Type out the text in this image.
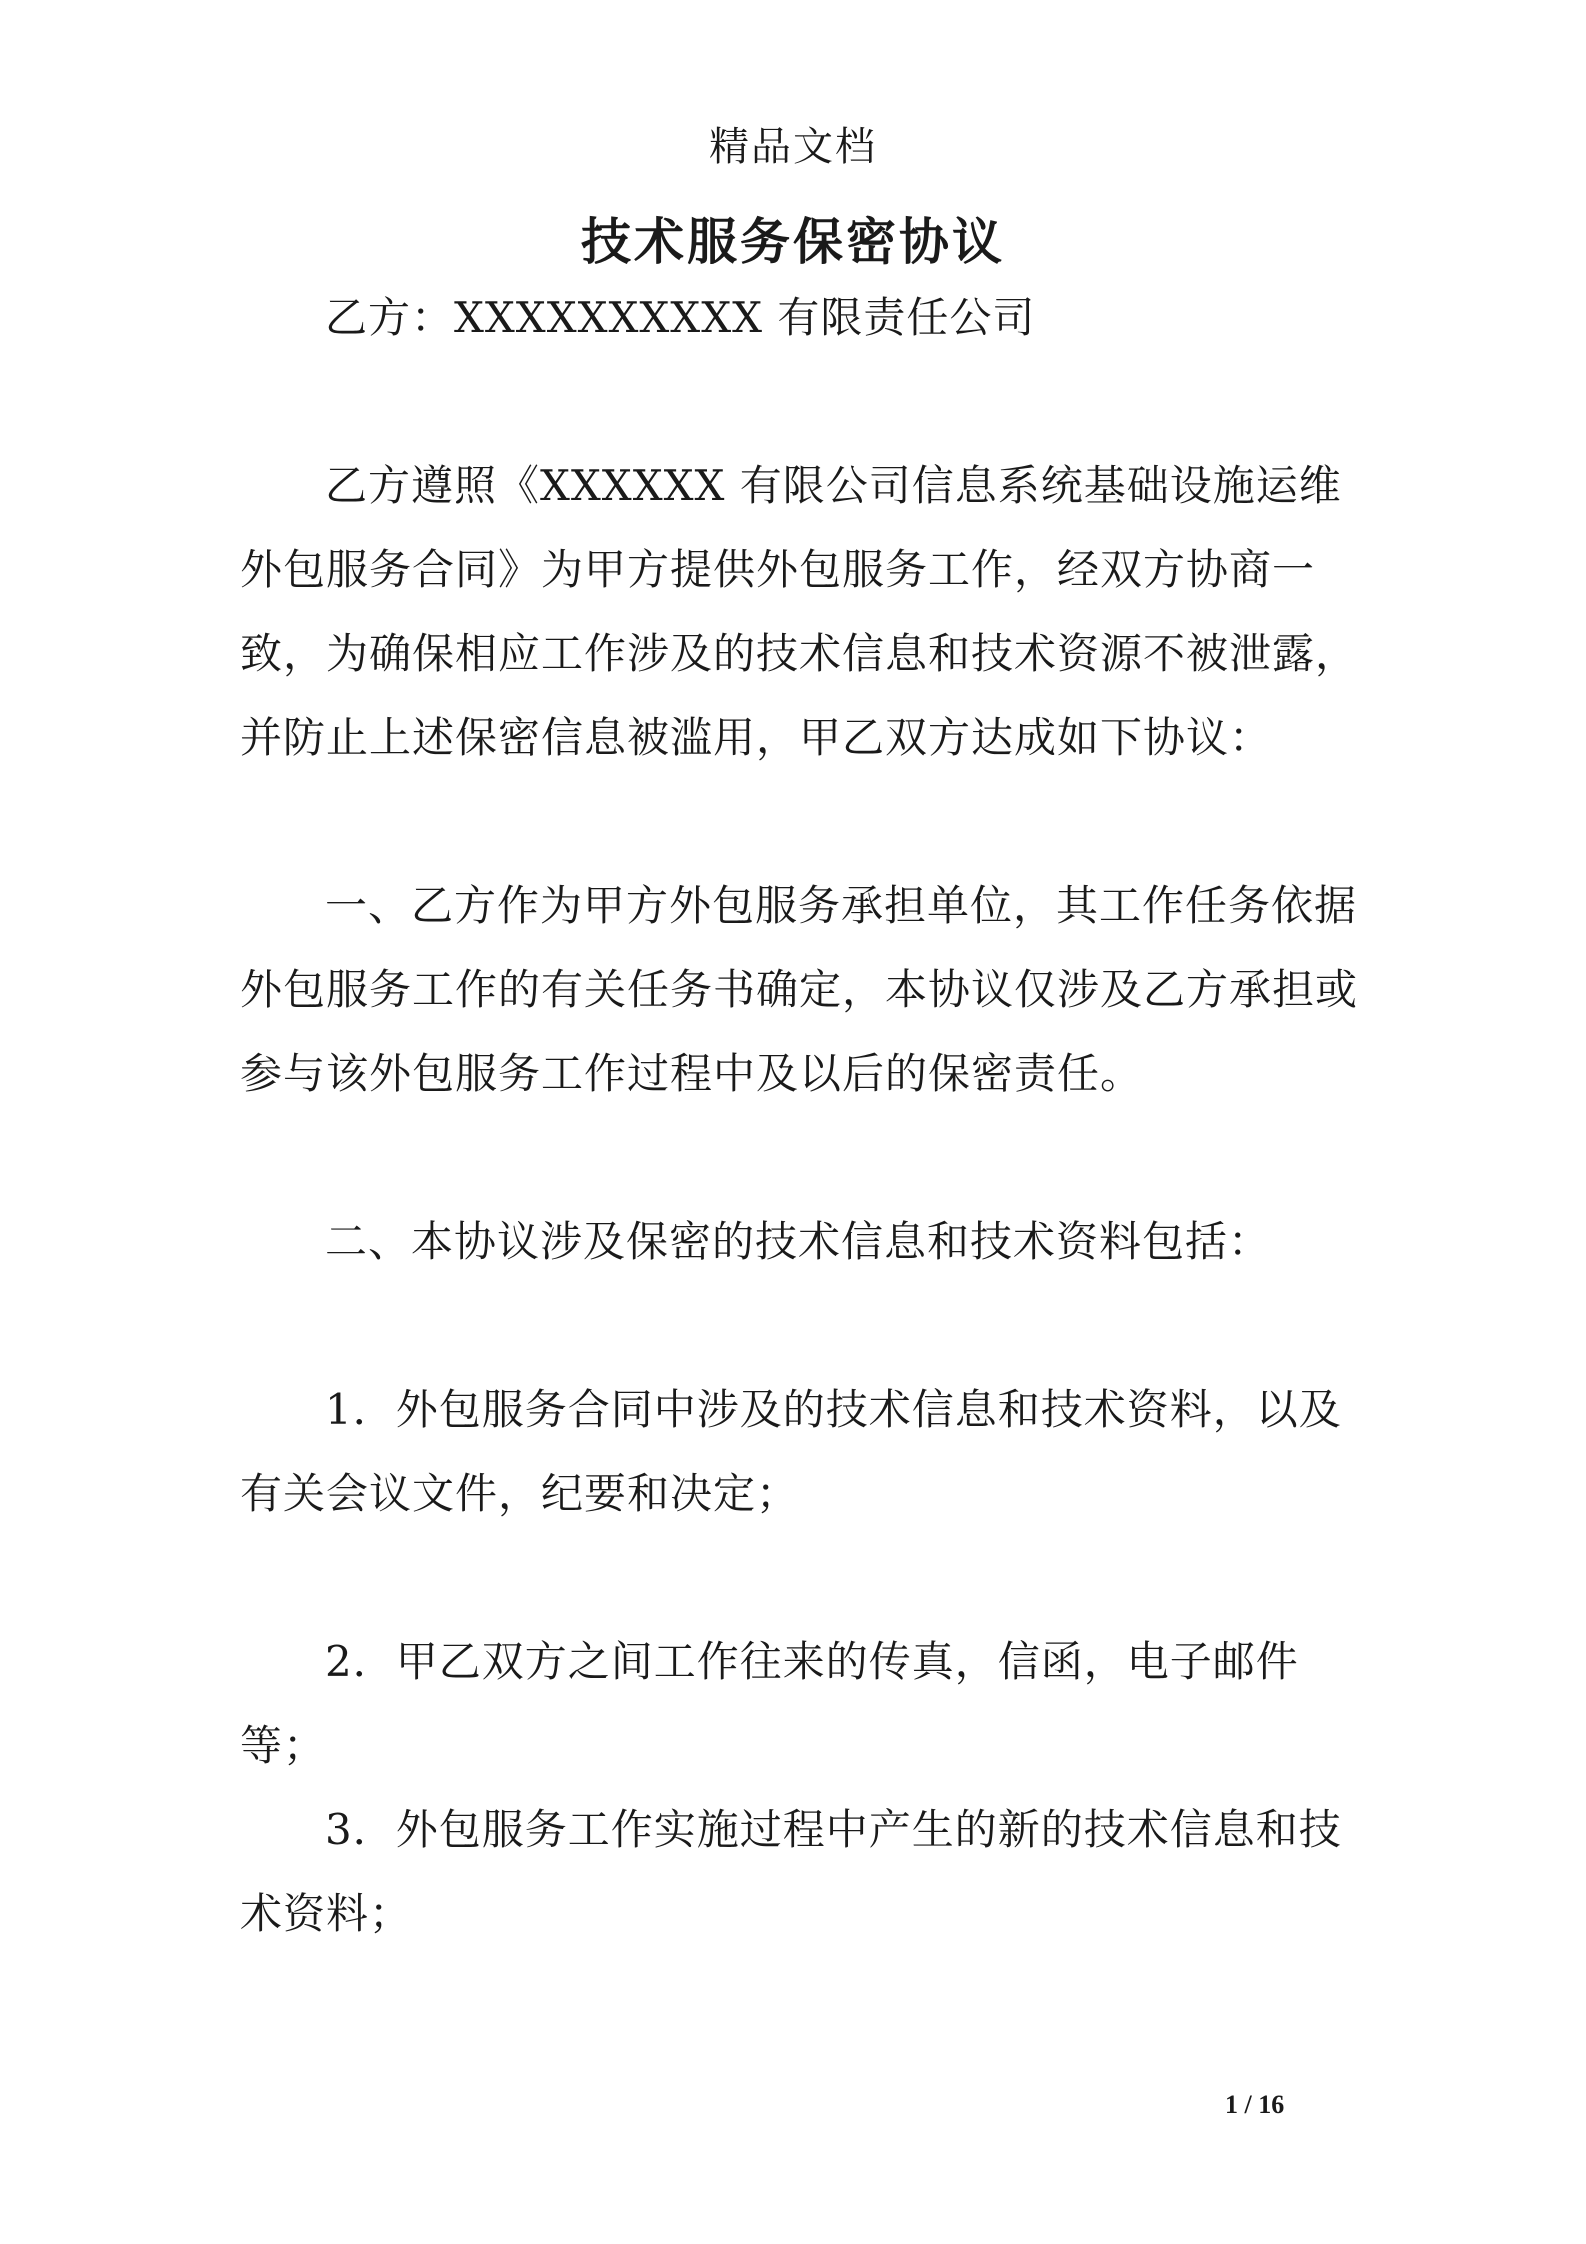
精品文档
技术服务保密协议
乙方：XXXXXXXXXX 有限责任公司
乙方遵照《XXXXXX 有限公司信息系统基础设施运维外包服务合同》为甲方提供外包服务工作，经双方协商一致，为确保相应工作涉及的技术信息和技术资源不被泄露，并防止上述保密信息被滥用，甲乙双方达成如下协议：
一、乙方作为甲方外包服务承担单位，其工作任务依据外包服务工作的有关任务书确定，本协议仅涉及乙方承担或参与该外包服务工作过程中及以后的保密责任。
二、本协议涉及保密的技术信息和技术资料包括：
1．外包服务合同中涉及的技术信息和技术资料，以及有关会议文件，纪要和决定；
2．甲乙双方之间工作往来的传真，信函，电子邮件等；
3．外包服务工作实施过程中产生的新的技术信息和技术资料；
1 / 16
